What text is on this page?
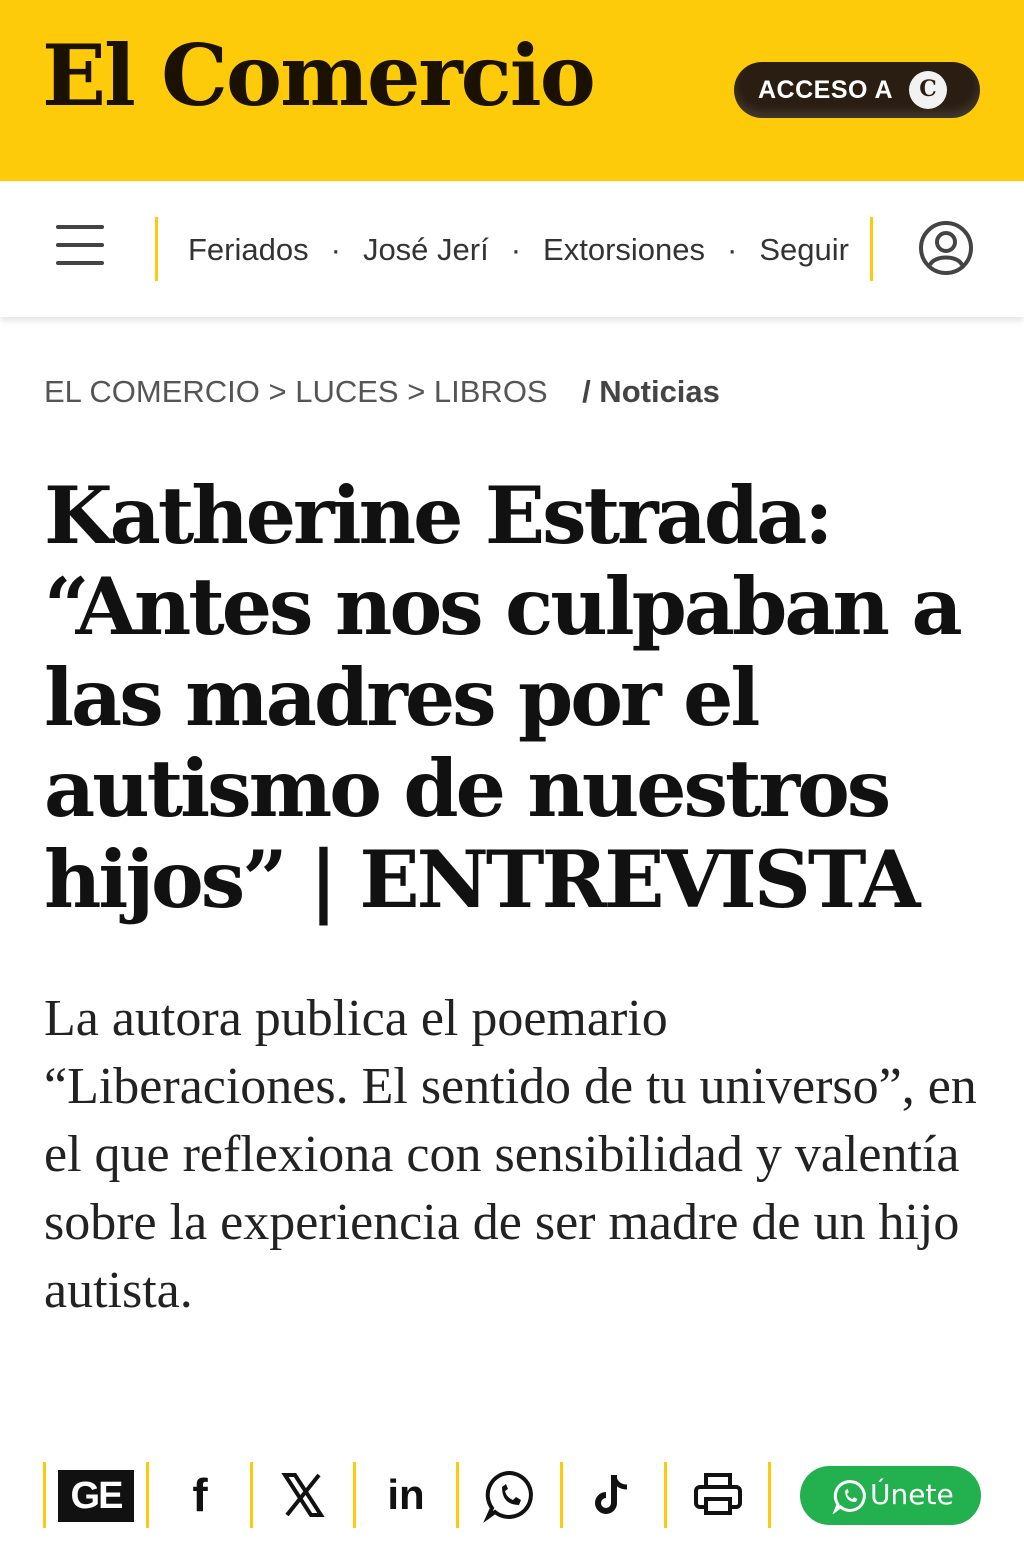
El Comercio	ACCESO A	C
Feriados · José Jerí · Extorsiones · Seguir
EL COMERCIO > LUCES > LIBROS / Noticias
Katherine Estrada: “Antes nos culpaban a las madres por el autismo de nuestros hijos” | ENTREVISTA

La autora publica el poemario “Liberaciones. El sentido de tu universo”, en el que reflexiona con sensibilidad y valentía sobre la experiencia de ser madre de un hijo autista.

GE	f	in	Únete
